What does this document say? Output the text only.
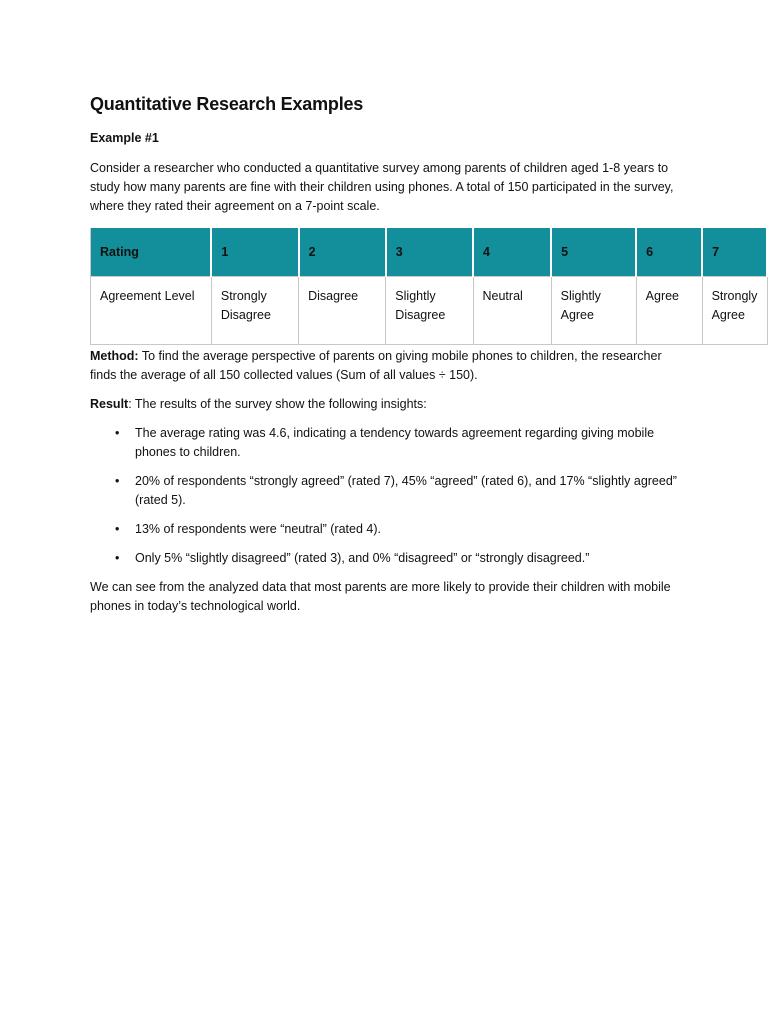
Quantitative Research Examples
Example #1

Consider a researcher who conducted a quantitative survey among parents of children aged 1-8 years to study how many parents are fine with their children using phones. A total of 150 participated in the survey, where they rated their agreement on a 7-point scale.

Rating	1	2	3	4	5	6	7
Agreement Level	Strongly Disagree	Disagree	Slightly Disagree	Neutral	Slightly Agree	Agree	Strongly Agree

Method: To find the average perspective of parents on giving mobile phones to children, the researcher finds the average of all 150 collected values (Sum of all values ÷ 150).

Result: The results of the survey show the following insights:

• The average rating was 4.6, indicating a tendency towards agreement regarding giving mobile phones to children.
• 20% of respondents “strongly agreed” (rated 7), 45% “agreed” (rated 6), and 17% “slightly agreed” (rated 5).
• 13% of respondents were “neutral” (rated 4).
• Only 5% “slightly disagreed” (rated 3), and 0% “disagreed” or “strongly disagreed.”

We can see from the analyzed data that most parents are more likely to provide their children with mobile phones in today’s technological world.
